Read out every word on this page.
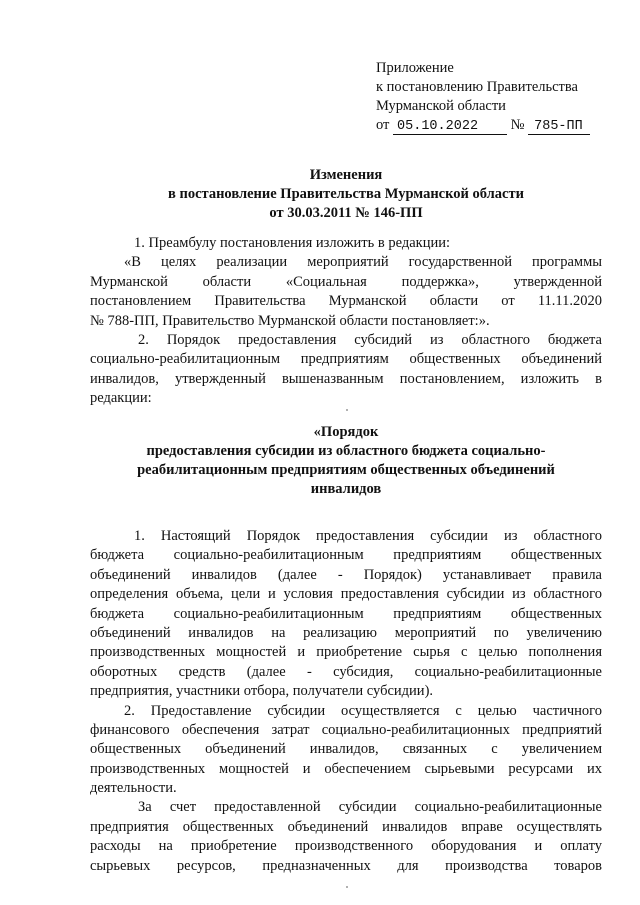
Приложение
к постановлению Правительства
Мурманской области
от 05.10.2022 № 785-ПП
Изменения
в постановление Правительства Мурманской области
от 30.03.2011 № 146-ПП
1. Преамбулу постановления изложить в редакции:
«В целях реализации мероприятий государственной программы
Мурманской области «Социальная поддержка», утвержденной
постановлением Правительства Мурманской области от 11.11.2020
№ 788-ПП, Правительство Мурманской области постановляет:».
2. Порядок предоставления субсидий из областного бюджета
социально-реабилитационным предприятиям общественных объединений
инвалидов, утвержденный вышеназванным постановлением, изложить в
редакции:
«Порядок
предоставления субсидии из областного бюджета социально-
реабилитационным предприятиям общественных объединений
инвалидов
1. Настоящий Порядок предоставления субсидии из областного
бюджета социально-реабилитационным предприятиям общественных
объединений инвалидов (далее - Порядок) устанавливает правила
определения объема, цели и условия предоставления субсидии из областного
бюджета социально-реабилитационным предприятиям общественных
объединений инвалидов на реализацию мероприятий по увеличению
производственных мощностей и приобретение сырья с целью пополнения
оборотных средств (далее - субсидия, социально-реабилитационные
предприятия, участники отбора, получатели субсидии).
2. Предоставление субсидии осуществляется с целью частичного
финансового обеспечения затрат социально-реабилитационных предприятий
общественных объединений инвалидов, связанных с увеличением
производственных мощностей и обеспечением сырьевыми ресурсами их
деятельности.
За счет предоставленной субсидии социально-реабилитационные
предприятия общественных объединений инвалидов вправе осуществлять
расходы на приобретение производственного оборудования и оплату
сырьевых ресурсов, предназначенных для производства товаров
